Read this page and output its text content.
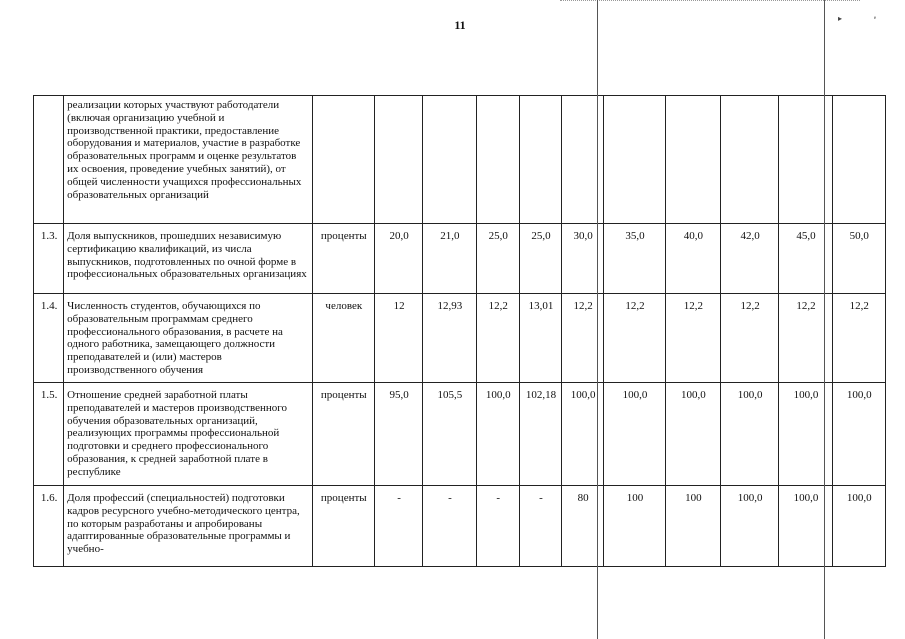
11	▸	ᵉ
	реализации которых участвуют работодатели (включая организацию учебной и производственной практики, предоставление оборудования и материалов, участие в разработке образовательных программ и оценке результатов их освоения, проведение учебных занятий), от общей численности учащихся профессиональных образовательных организаций											
1.3.	Доля выпускников, прошедших независимую сертификацию квалификаций, из числа выпускников, подготовленных по очной форме в профессиональных образовательных организациях	проценты	20,0	21,0	25,0	25,0	30,0	35,0	40,0	42,0	45,0	50,0
1.4.	Численность студентов, обучающихся по образовательным программам среднего профессионального образования, в расчете на одного работника, замещающего должности преподавателей и (или) мастеров производственного обучения	человек	12	12,93	12,2	13,01	12,2	12,2	12,2	12,2	12,2	12,2
1.5.	Отношение средней заработной платы преподавателей и мастеров производственного обучения образовательных организаций, реализующих программы профессиональной подготовки и среднего профессионального образования, к средней заработной плате в республике	проценты	95,0	105,5	100,0	102,18	100,0	100,0	100,0	100,0	100,0	100,0
1.6.	Доля профессий (специальностей) подготовки кадров ресурсного учебно-методического центра, по которым разработаны и апробированы адаптированные образовательные программы и учебно-	проценты	-	-	-	-	80	100	100	100,0	100,0	100,0
